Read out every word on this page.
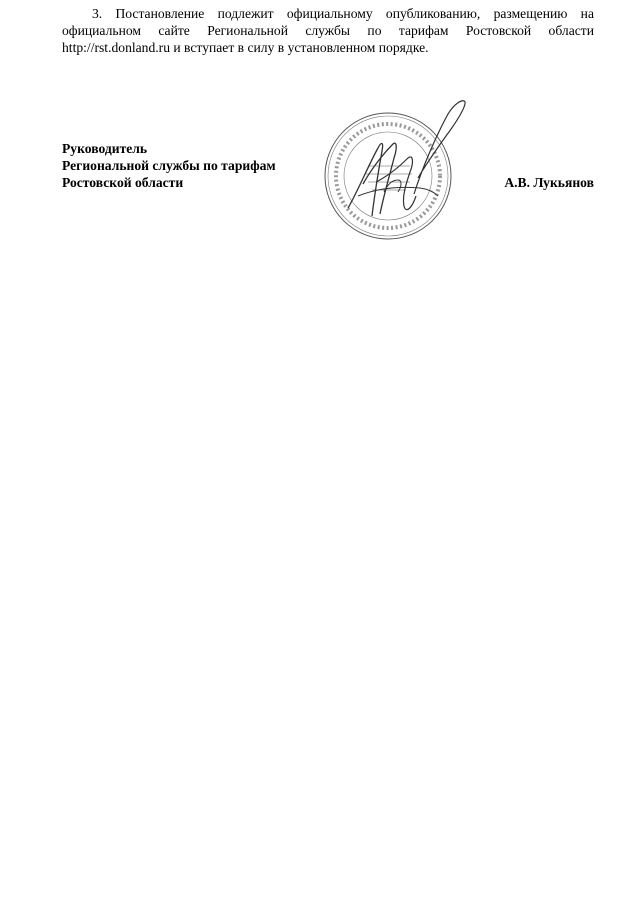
3. Постановление подлежит официальному опубликованию, размещению на официальном сайте Региональной службы по тарифам Ростовской области http://rst.donland.ru и вступает в силу в установленном порядке.

Руководитель
Региональной службы по тарифам
Ростовской области	А.В. Лукьянов
